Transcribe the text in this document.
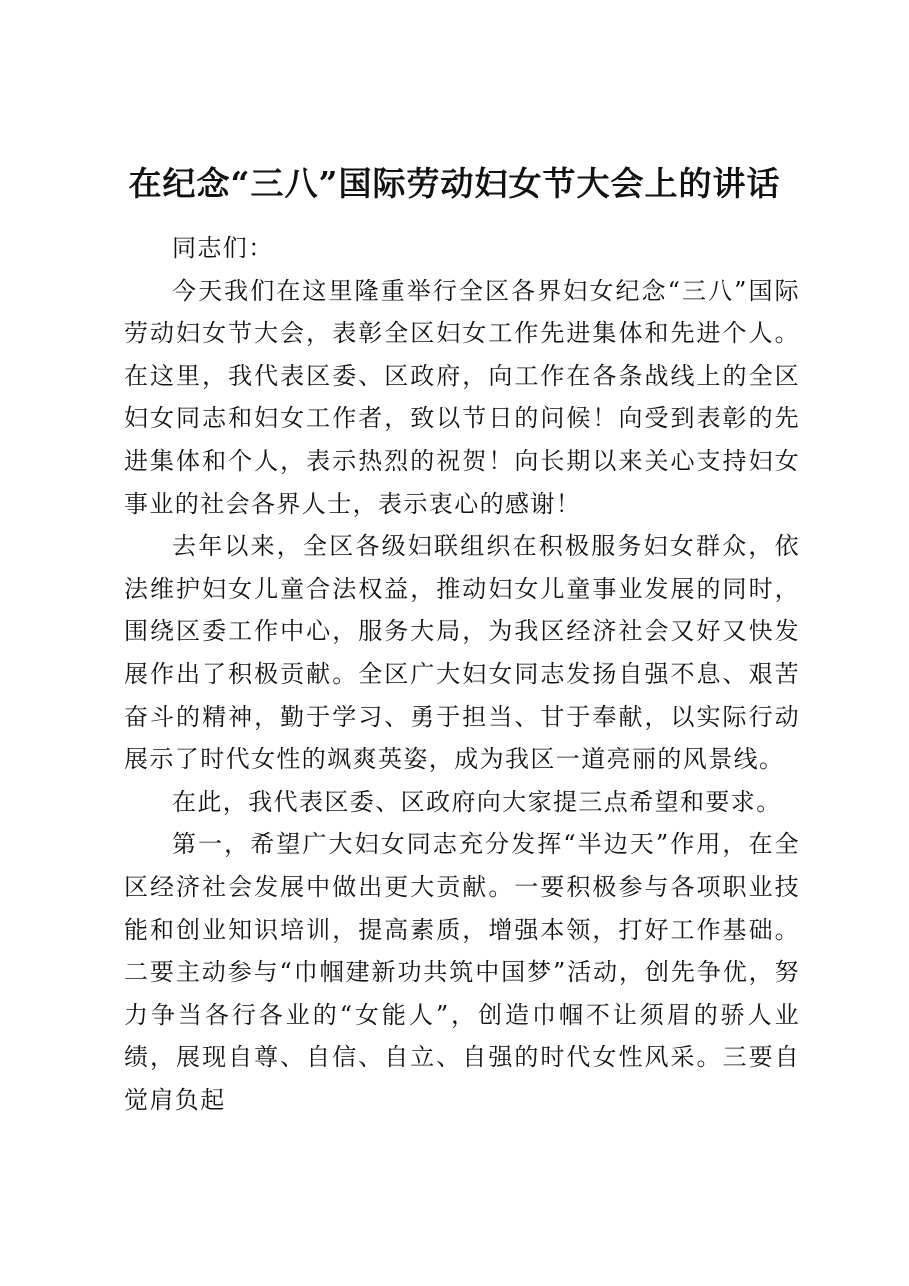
在纪念“三八”国际劳动妇女节大会上的讲话

同志们：

今天我们在这里隆重举行全区各界妇女纪念“三八”国际劳动妇女节大会，表彰全区妇女工作先进集体和先进个人。在这里，我代表区委、区政府，向工作在各条战线上的全区妇女同志和妇女工作者，致以节日的问候！向受到表彰的先进集体和个人，表示热烈的祝贺！向长期以来关心支持妇女事业的社会各界人士，表示衷心的感谢！

去年以来，全区各级妇联组织在积极服务妇女群众，依法维护妇女儿童合法权益，推动妇女儿童事业发展的同时，围绕区委工作中心，服务大局，为我区经济社会又好又快发展作出了积极贡献。全区广大妇女同志发扬自强不息、艰苦奋斗的精神，勤于学习、勇于担当、甘于奉献，以实际行动展示了时代女性的飒爽英姿，成为我区一道亮丽的风景线。

在此，我代表区委、区政府向大家提三点希望和要求。

第一，希望广大妇女同志充分发挥“半边天”作用，在全区经济社会发展中做出更大贡献。一要积极参与各项职业技能和创业知识培训，提高素质，增强本领，打好工作基础。二要主动参与“巾帼建新功共筑中国梦”活动，创先争优，努力争当各行各业的“女能人”，创造巾帼不让须眉的骄人业绩，展现自尊、自信、自立、自强的时代女性风采。三要自觉肩负起
